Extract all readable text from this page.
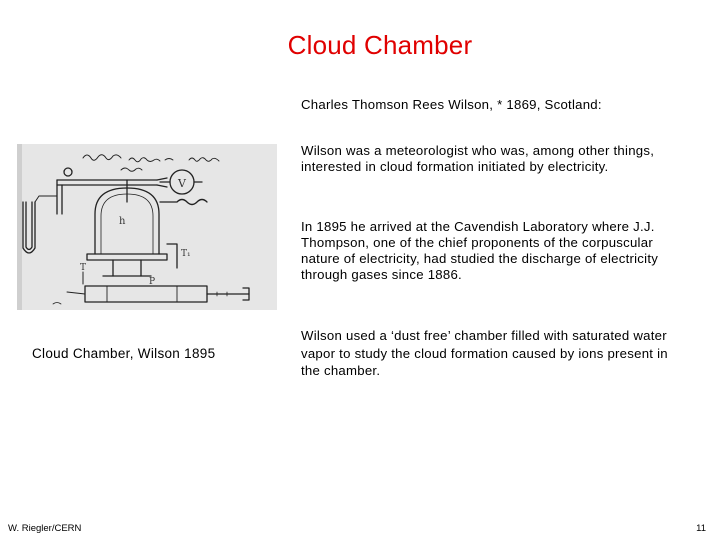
Cloud Chamber
Charles Thomson Rees Wilson, * 1869, Scotland:
Wilson was a meteorologist who was, among other things, interested in cloud formation initiated by electricity.
In 1895 he arrived at the Cavendish Laboratory where J.J. Thompson, one of the chief proponents of the corpuscular nature of electricity, had studied the discharge of electricity through gases since 1886.
Wilson used a ‘dust free’ chamber filled with saturated water vapor to study the cloud formation caused by ions present in the chamber.
h
V
T₁
T
P
Cloud Chamber, Wilson 1895
W. Riegler/CERN	11
